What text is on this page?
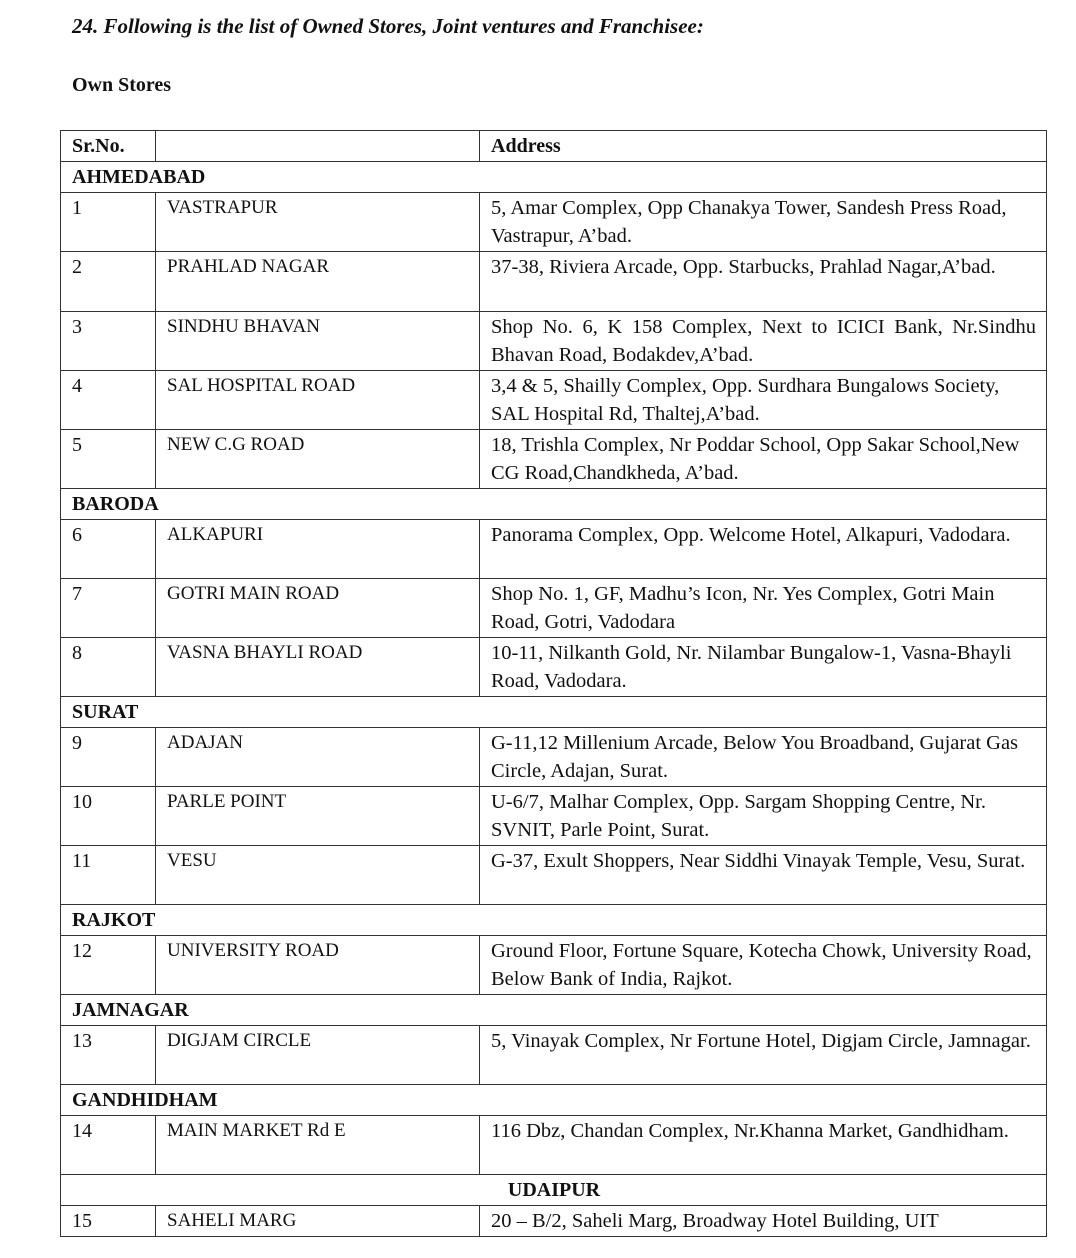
24. Following is the list of Owned Stores, Joint ventures and Franchisee:

Own Stores

Sr.No.		Address
AHMEDABAD		
1	VASTRAPUR	5, Amar Complex, Opp Chanakya Tower, Sandesh Press Road, Vastrapur, A’bad.
2	PRAHLAD NAGAR	37-38, Riviera Arcade, Opp. Starbucks, Prahlad Nagar,A’bad.
3	SINDHU BHAVAN	Shop No. 6, K 158 Complex, Next to ICICI Bank, Nr.Sindhu Bhavan Road, Bodakdev,A’bad.
4	SAL HOSPITAL ROAD	3,4 & 5, Shailly Complex, Opp. Surdhara Bungalows Society, SAL Hospital Rd, Thaltej,A’bad.
5	NEW C.G ROAD	18, Trishla Complex, Nr Poddar School, Opp Sakar School,New CG Road,Chandkheda, A’bad.
BARODA		
6	ALKAPURI	Panorama Complex, Opp. Welcome Hotel, Alkapuri, Vadodara.
7	GOTRI MAIN ROAD	Shop No. 1, GF, Madhu’s Icon, Nr. Yes Complex, Gotri Main Road, Gotri, Vadodara
8	VASNA BHAYLI ROAD	10-11, Nilkanth Gold, Nr. Nilambar Bungalow-1, Vasna-Bhayli Road, Vadodara.
SURAT		
9	ADAJAN	G-11,12 Millenium Arcade, Below You Broadband, Gujarat Gas Circle, Adajan, Surat.
10	PARLE POINT	U-6/7, Malhar Complex, Opp. Sargam Shopping Centre, Nr. SVNIT, Parle Point, Surat.
11	VESU	G-37, Exult Shoppers, Near Siddhi Vinayak Temple, Vesu, Surat.
RAJKOT		
12	UNIVERSITY ROAD	Ground Floor, Fortune Square, Kotecha Chowk, University Road, Below Bank of India, Rajkot.
JAMNAGAR		
13	DIGJAM CIRCLE	5, Vinayak Complex, Nr Fortune Hotel, Digjam Circle, Jamnagar.
GANDHIDHAM		
14	MAIN MARKET Rd E	116 Dbz, Chandan Complex, Nr.Khanna Market, Gandhidham.
UDAIPUR		
15	SAHELI MARG	20 – B/2, Saheli Marg, Broadway Hotel Building, UIT
